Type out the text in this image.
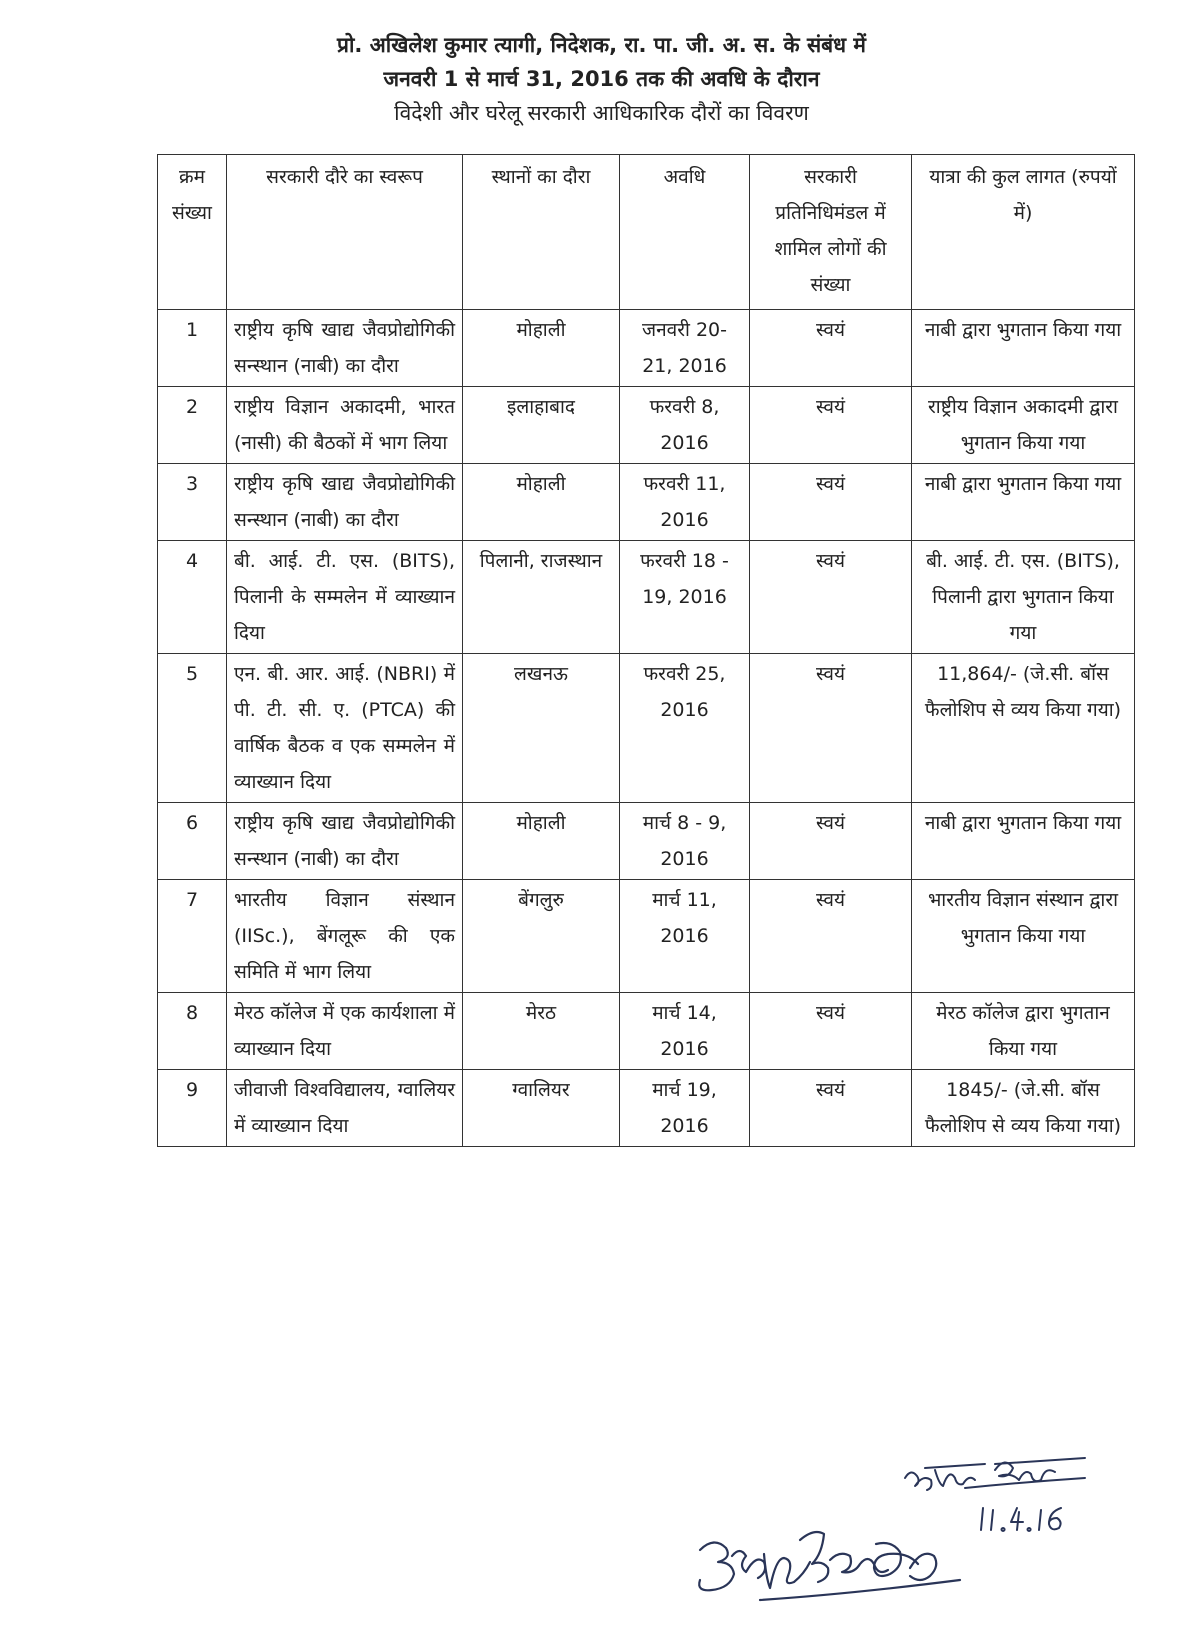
प्रो. अखिलेश कुमार त्यागी, निदेशक, रा. पा. जी. अ. स. के संबंध में
जनवरी 1 से मार्च 31, 2016 तक की अवधि के दौरान
विदेशी और घरेलू सरकारी आधिकारिक दौरों का विवरण
क्रम संख्या	सरकारी दौरे का स्वरूप	स्थानों का दौरा	अवधि	सरकारी प्रतिनिधिमंडल में शामिल लोगों की संख्या	यात्रा की कुल लागत (रुपयों में)
1	राष्ट्रीय कृषि खाद्य जैवप्रोद्योगिकी सन्स्थान (नाबी) का दौरा	मोहाली	जनवरी 20-21, 2016	स्वयं	नाबी द्वारा भुगतान किया गया
2	राष्ट्रीय विज्ञान अकादमी, भारत (नासी) की बैठकों में भाग लिया	इलाहाबाद	फरवरी 8, 2016	स्वयं	राष्ट्रीय विज्ञान अकादमी द्वारा भुगतान किया गया
3	राष्ट्रीय कृषि खाद्य जैवप्रोद्योगिकी सन्स्थान (नाबी) का दौरा	मोहाली	फरवरी 11, 2016	स्वयं	नाबी द्वारा भुगतान किया गया
4	बी. आई. टी. एस. (BITS), पिलानी के सम्मलेन में व्याख्यान दिया	पिलानी, राजस्थान	फरवरी 18 - 19, 2016	स्वयं	बी. आई. टी. एस. (BITS), पिलानी द्वारा भुगतान किया गया
5	एन. बी. आर. आई. (NBRI) में पी. टी. सी. ए. (PTCA) की वार्षिक बैठक व एक सम्मलेन में व्याख्यान दिया	लखनऊ	फरवरी 25, 2016	स्वयं	11,864/- (जे.सी. बॉस फैलोशिप से व्यय किया गया)
6	राष्ट्रीय कृषि खाद्य जैवप्रोद्योगिकी सन्स्थान (नाबी) का दौरा	मोहाली	मार्च 8 - 9, 2016	स्वयं	नाबी द्वारा भुगतान किया गया
7	भारतीय विज्ञान संस्थान (IISc.), बेंगलूरू की एक समिति में भाग लिया	बेंगलुरु	मार्च 11, 2016	स्वयं	भारतीय विज्ञान संस्थान द्वारा भुगतान किया गया
8	मेरठ कॉलेज में एक कार्यशाला में व्याख्यान दिया	मेरठ	मार्च 14, 2016	स्वयं	मेरठ कॉलेज द्वारा भुगतान किया गया
9	जीवाजी विश्वविद्यालय, ग्वालियर में व्याख्यान दिया	ग्वालियर	मार्च 19, 2016	स्वयं	1845/- (जे.सी. बॉस फैलोशिप से व्यय किया गया)
